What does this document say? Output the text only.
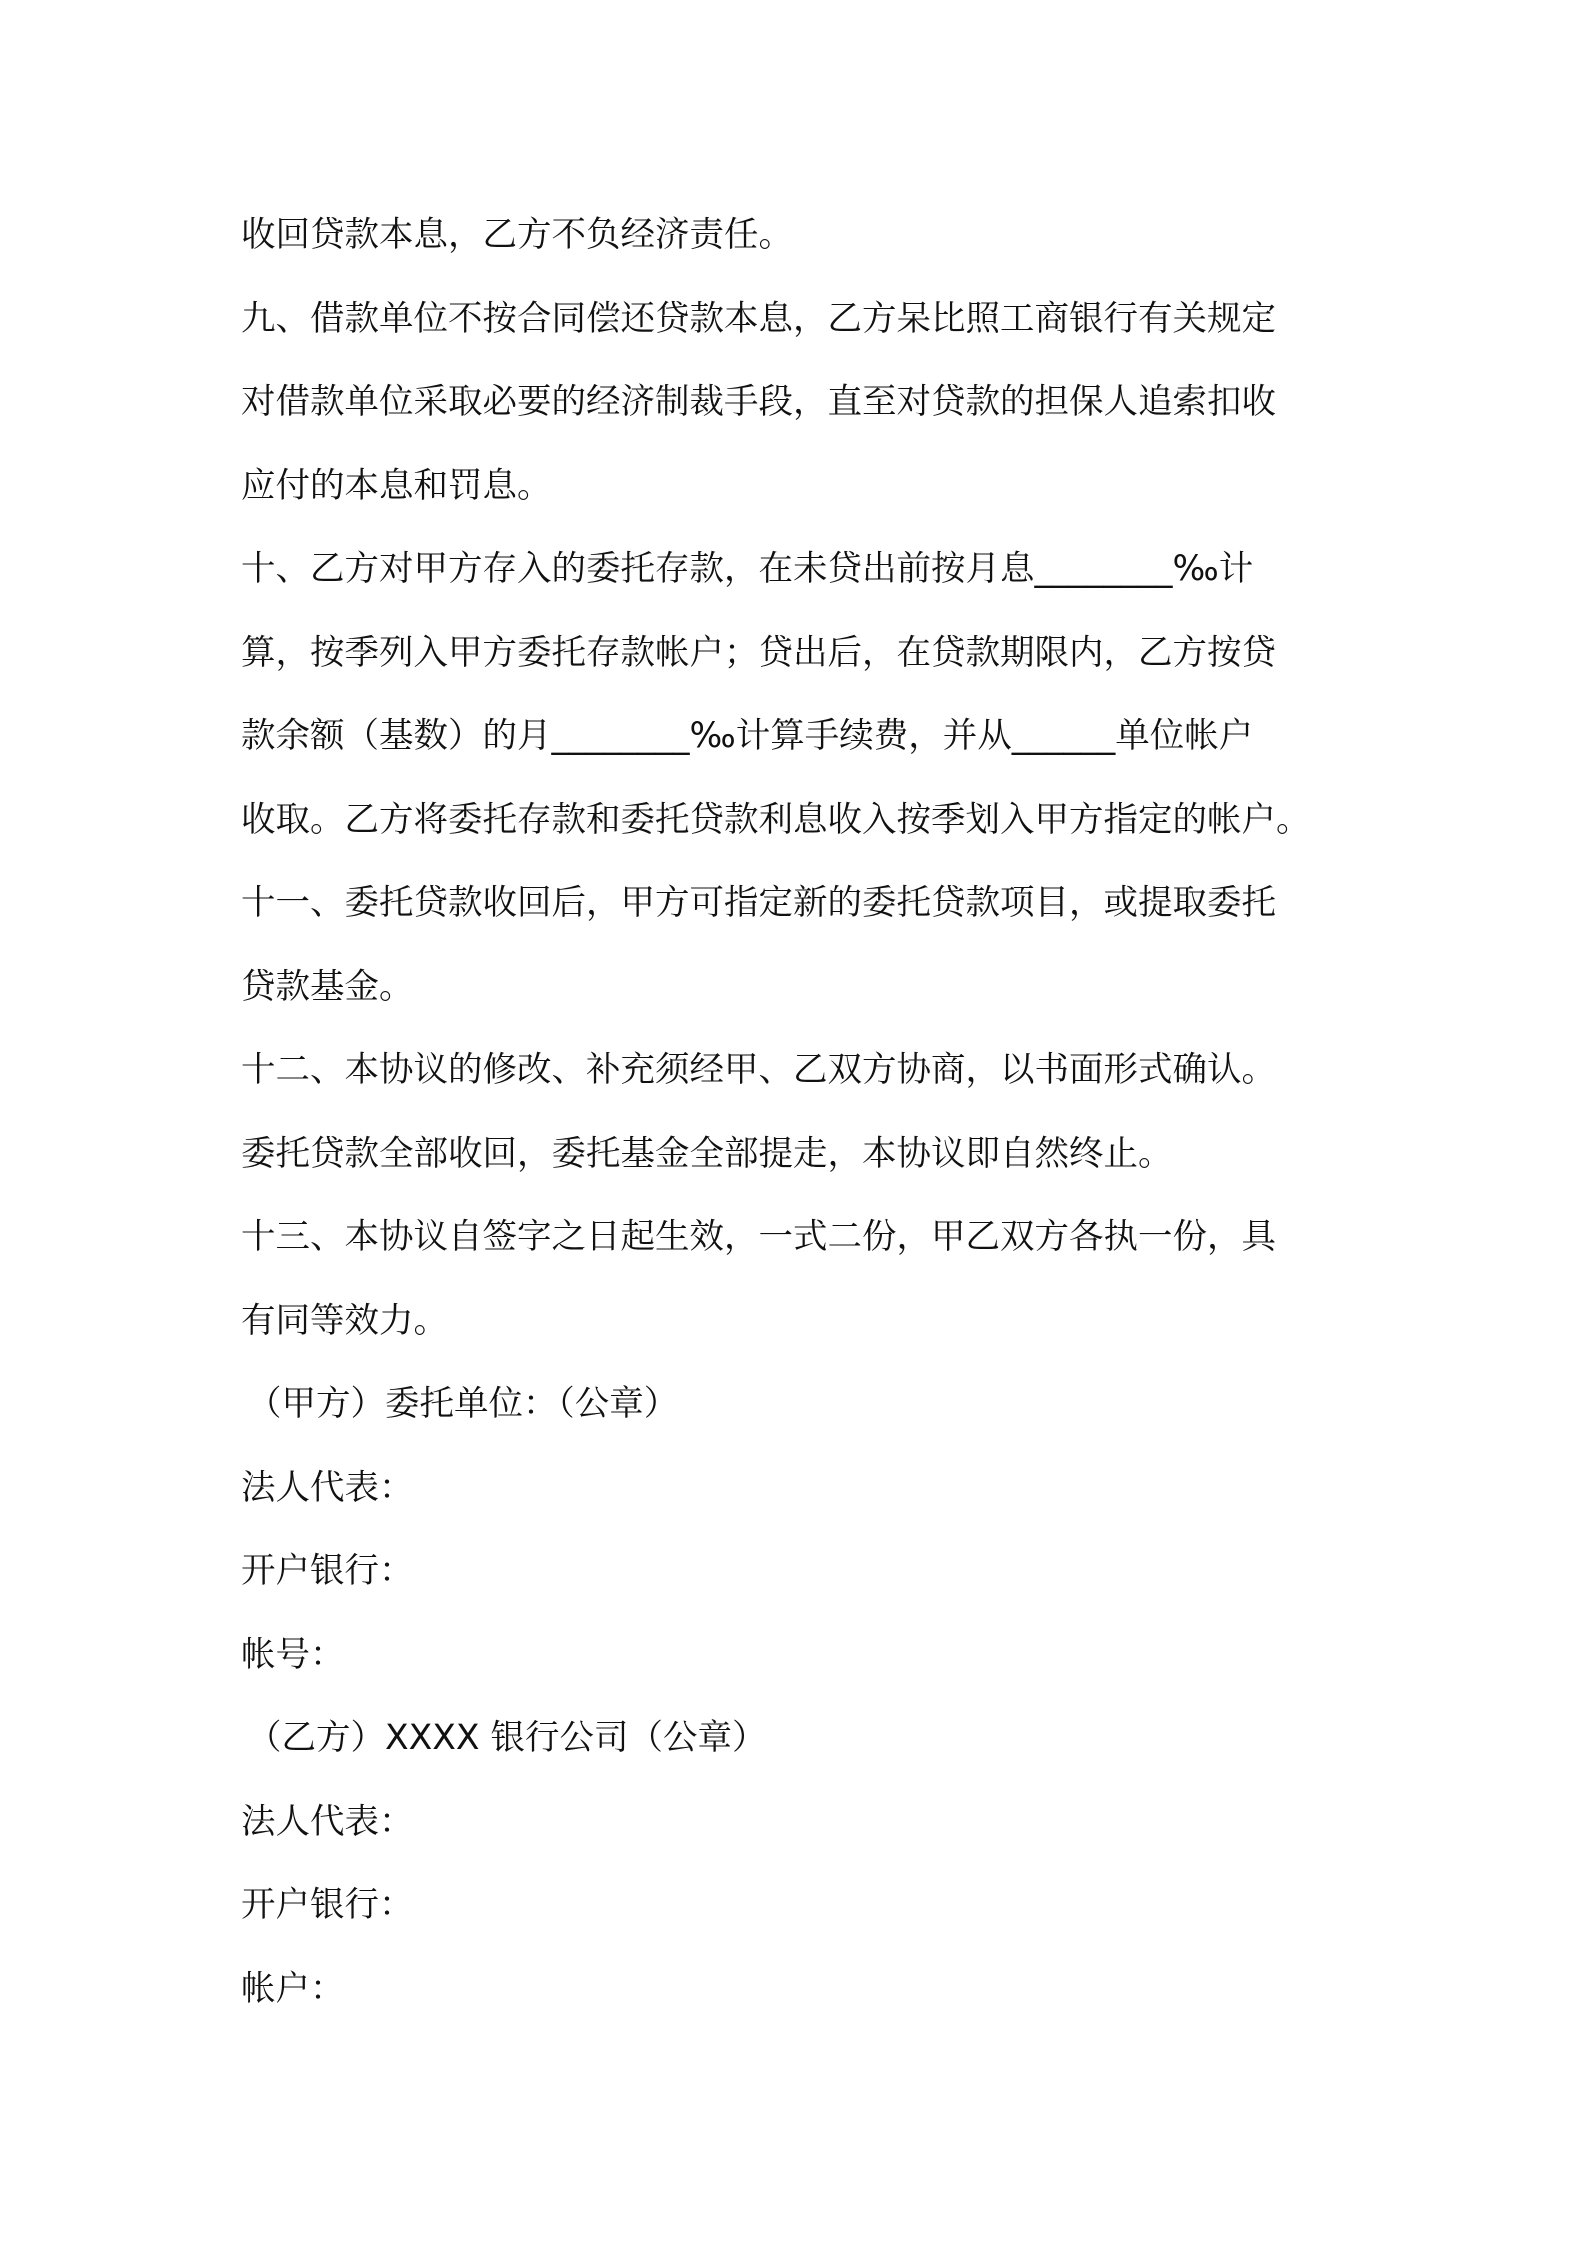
收回贷款本息，乙方不负经济责任。
九、借款单位不按合同偿还贷款本息，乙方呆比照工商银行有关规定
对借款单位采取必要的经济制裁手段，直至对贷款的担保人追索扣收
应付的本息和罚息。
十、乙方对甲方存入的委托存款，在未贷出前按月息________‰计
算，按季列入甲方委托存款帐户；贷出后，在贷款期限内，乙方按贷
款余额（基数）的月________‰计算手续费，并从______单位帐户
收取。乙方将委托存款和委托贷款利息收入按季划入甲方指定的帐户。
十一、委托贷款收回后，甲方可指定新的委托贷款项目，或提取委托
贷款基金。
十二、本协议的修改、补充须经甲、乙双方协商，以书面形式确认。
委托贷款全部收回，委托基金全部提走，本协议即自然终止。
十三、本协议自签字之日起生效，一式二份，甲乙双方各执一份，具
有同等效力。
（甲方）委托单位：（公章）
法人代表：
开户银行：
帐号：
（乙方）XXXX 银行公司（公章）
法人代表：
开户银行：
帐户：
